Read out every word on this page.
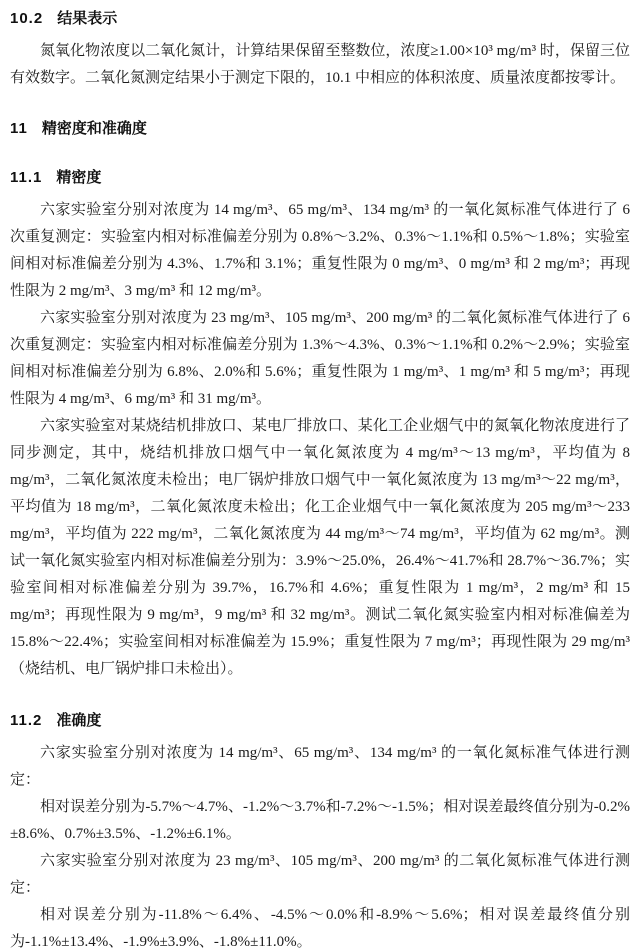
10.2 结果表示

氮氧化物浓度以二氧化氮计，计算结果保留至整数位，浓度≥1.00×10³ mg/m³ 时，保留三位有效数字。二氧化氮测定结果小于测定下限的，10.1 中相应的体积浓度、质量浓度都按零计。

11 精密度和准确度
11.1 精密度

六家实验室分别对浓度为 14 mg/m³、65 mg/m³、134 mg/m³ 的一氧化氮标准气体进行了 6 次重复测定：实验室内相对标准偏差分别为 0.8%～3.2%、0.3%～1.1%和 0.5%～1.8%；实验室间相对标准偏差分别为 4.3%、1.7%和 3.1%；重复性限为 0 mg/m³、0 mg/m³ 和 2 mg/m³；再现性限为 2 mg/m³、3 mg/m³ 和 12 mg/m³。

六家实验室分别对浓度为 23 mg/m³、105 mg/m³、200 mg/m³ 的二氧化氮标准气体进行了 6 次重复测定：实验室内相对标准偏差分别为 1.3%～4.3%、0.3%～1.1%和 0.2%～2.9%；实验室间相对标准偏差分别为 6.8%、2.0%和 5.6%；重复性限为 1 mg/m³、1 mg/m³ 和 5 mg/m³；再现性限为 4 mg/m³、6 mg/m³ 和 31 mg/m³。

六家实验室对某烧结机排放口、某电厂排放口、某化工企业烟气中的氮氧化物浓度进行了同步测定，其中，烧结机排放口烟气中一氧化氮浓度为 4 mg/m³～13 mg/m³，平均值为 8 mg/m³，二氧化氮浓度未检出；电厂锅炉排放口烟气中一氧化氮浓度为 13 mg/m³～22 mg/m³，平均值为 18 mg/m³，二氧化氮浓度未检出；化工企业烟气中一氧化氮浓度为 205 mg/m³～233 mg/m³，平均值为 222 mg/m³，二氧化氮浓度为 44 mg/m³～74 mg/m³，平均值为 62 mg/m³。测试一氧化氮实验室内相对标准偏差分别为：3.9%～25.0%，26.4%～41.7%和 28.7%～36.7%；实验室间相对标准偏差分别为 39.7%，16.7%和 4.6%；重复性限为 1 mg/m³，2 mg/m³ 和 15 mg/m³；再现性限为 9 mg/m³，9 mg/m³ 和 32 mg/m³。测试二氧化氮实验室内相对标准偏差为 15.8%～22.4%；实验室间相对标准偏差为 15.9%；重复性限为 7 mg/m³；再现性限为 29 mg/m³（烧结机、电厂锅炉排口未检出）。

11.2 准确度

六家实验室分别对浓度为 14 mg/m³、65 mg/m³、134 mg/m³ 的一氧化氮标准气体进行测定：

相对误差分别为-5.7%～4.7%、-1.2%～3.7%和-7.2%～-1.5%；相对误差最终值分别为-0.2%±8.6%、0.7%±3.5%、-1.2%±6.1%。

六家实验室分别对浓度为 23 mg/m³、105 mg/m³、200 mg/m³ 的二氧化氮标准气体进行测定：

相对误差分别为-11.8%～6.4%、-4.5%～0.0%和-8.9%～5.6%；相对误差最终值分别为-1.1%±13.4%、-1.9%±3.9%、-1.8%±11.0%。
